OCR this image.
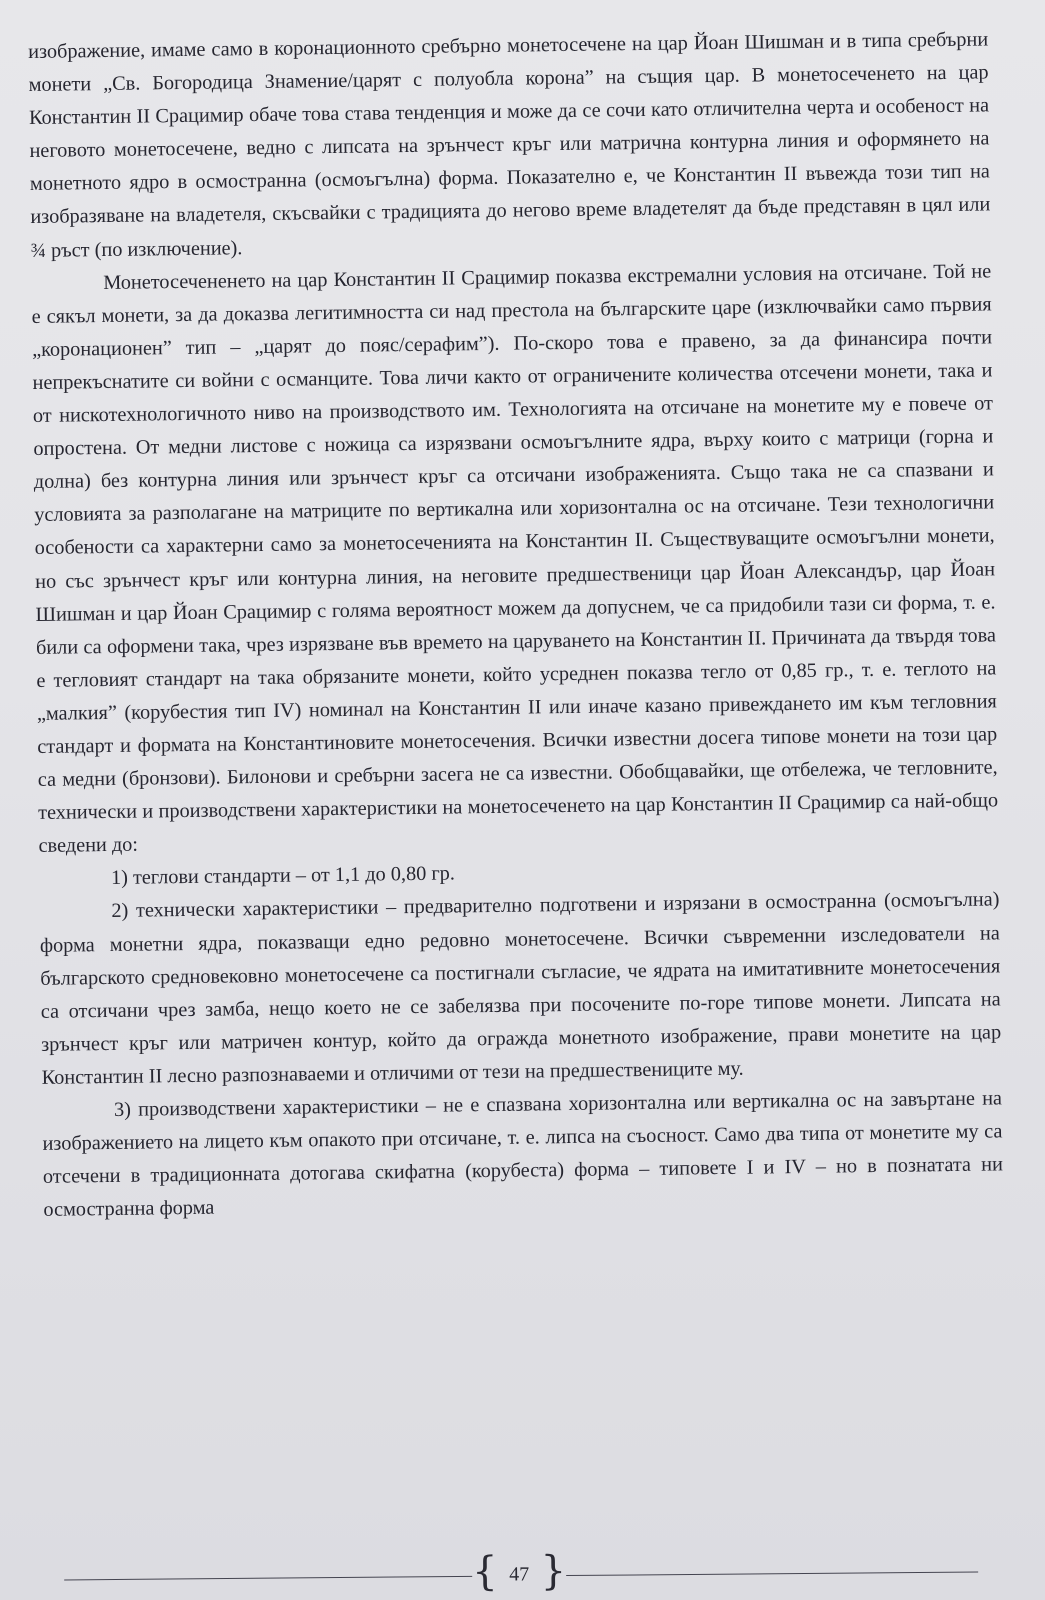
изображение, имаме само в коронационното сребърно монетосечене на цар Йоан Шишман и в типа сребърни монети „Св. Богородица Знамение/царят с полуобла корона” на същия цар. В монетосеченето на цар Константин II Срацимир обаче това става тенденция и може да се сочи като отличителна черта и особеност на неговото монетосечене, ведно с липсата на зрънчест кръг или матрична контурна линия и оформянето на монетното ядро в осмостранна (осмоъгълна) форма. Показателно е, че Константин II въвежда този тип на изобразяване на владетеля, скъсвайки с традицията до негово време владетелят да бъде представян в цял или ¾ ръст (по изключение).

Монетосечененето на цар Константин II Срацимир показва екстремални условия на отсичане. Той не е сякъл монети, за да доказва легитимността си над престола на българските царе (изключвайки само първия „коронационен” тип – „царят до пояс/серафим”). По-скоро това е правено, за да финансира почти непрекъснатите си войни с османците. Това личи както от ограничените количества отсечени монети, така и от нискотехнологичното ниво на производството им. Технологията на отсичане на монетите му е повече от опростена. От медни листове с ножица са изрязвани осмоъгълните ядра, върху които с матрици (горна и долна) без контурна линия или зрънчест кръг са отсичани изображенията. Също така не са спазвани и условията за разполагане на матриците по вертикална или хоризонтална ос на отсичане. Тези технологични особености са характерни само за монетосеченията на Константин II. Съществуващите осмоъгълни монети, но със зрънчест кръг или контурна линия, на неговите предшественици цар Йоан Александър, цар Йоан Шишман и цар Йоан Срацимир с голяма вероятност можем да допуснем, че са придобили тази си форма, т. е. били са оформени така, чрез изрязване във времето на царуването на Константин II. Причината да твърдя това е тегловият стандарт на така обрязаните монети, който усреднен показва тегло от 0,85 гр., т. е. теглото на „малкия” (корубестия тип IV) номинал на Константин II или иначе казано привеждането им към тегловния стандарт и формата на Константиновите монетосечения. Всички известни досега типове монети на този цар са медни (бронзови). Билонови и сребърни засега не са известни. Обобщавайки, ще отбележа, че тегловните, технически и производствени характеристики на монетосеченето на цар Константин II Срацимир са най-общо сведени до:

1) теглови стандарти – от 1,1 до 0,80 гр.

2) технически характеристики – предварително подготвени и изрязани в осмостранна (осмоъгълна) форма монетни ядра, показващи едно редовно монетосечене. Всички съвременни изследователи на българското средновековно монетосечене са постигнали съгласие, че ядрата на имитативните монетосечения са отсичани чрез замба, нещо което не се забелязва при посочените по-горе типове монети. Липсата на зрънчест кръг или матричен контур, който да огражда монетното изображение, прави монетите на цар Константин II лесно разпознаваеми и отличими от тези на предшествениците му.

3) производствени характеристики – не е спазвана хоризонтална или вертикална ос на завъртане на изображението на лицето към опакото при отсичане, т. е. липса на съосност. Само два типа от монетите му са отсечени в традиционната дотогава скифатна (корубеста) форма – типовете I и IV – но в познатата ни осмостранна форма

{ 47 }
